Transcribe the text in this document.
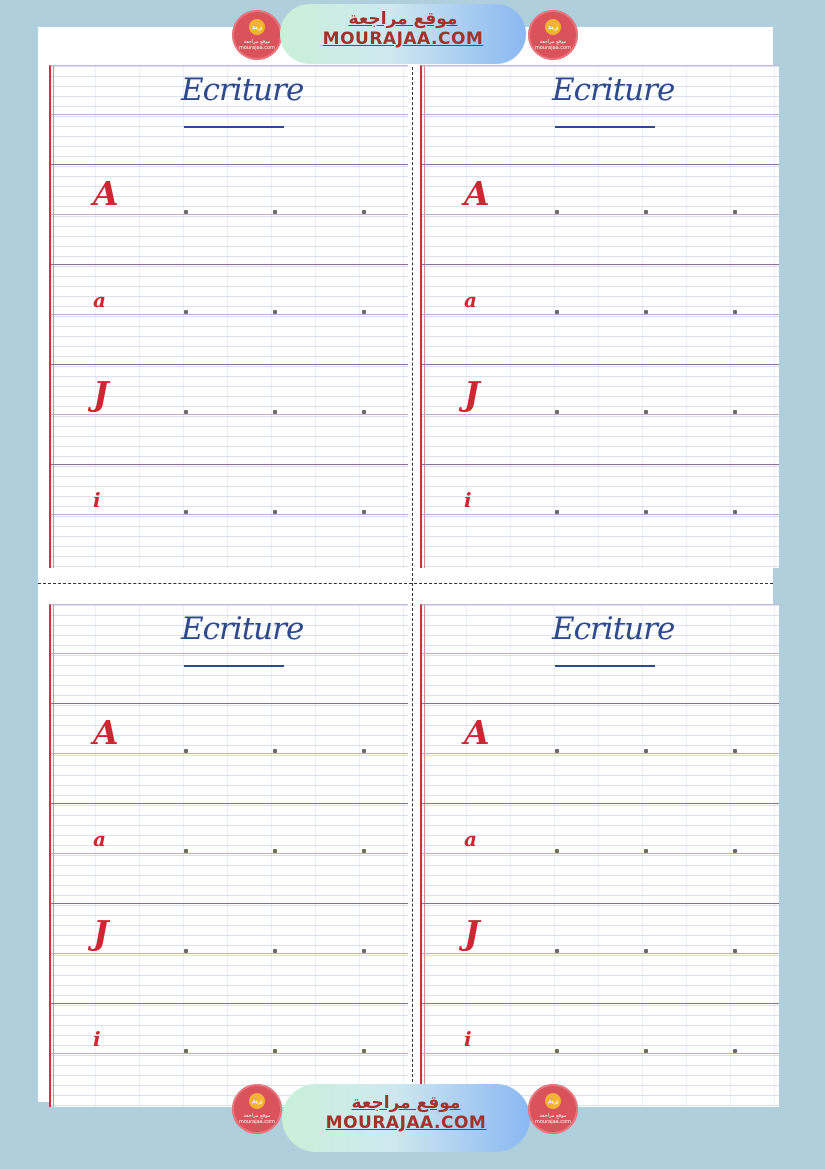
Ecriture
A
a
J
i
Ecriture
A
a
J
i
Ecriture
A
a
J
i
Ecriture
A
a
J
i
زيد
موقع مراجعة
mourajaa.com
موقع مراجعة
MOURAJAA.COM
زيد
موقع مراجعة
mourajaa.com
زيد
موقع مراجعة
mourajaa.com
موقع مراجعة
MOURAJAA.COM
زيد
موقع مراجعة
mourajaa.com
